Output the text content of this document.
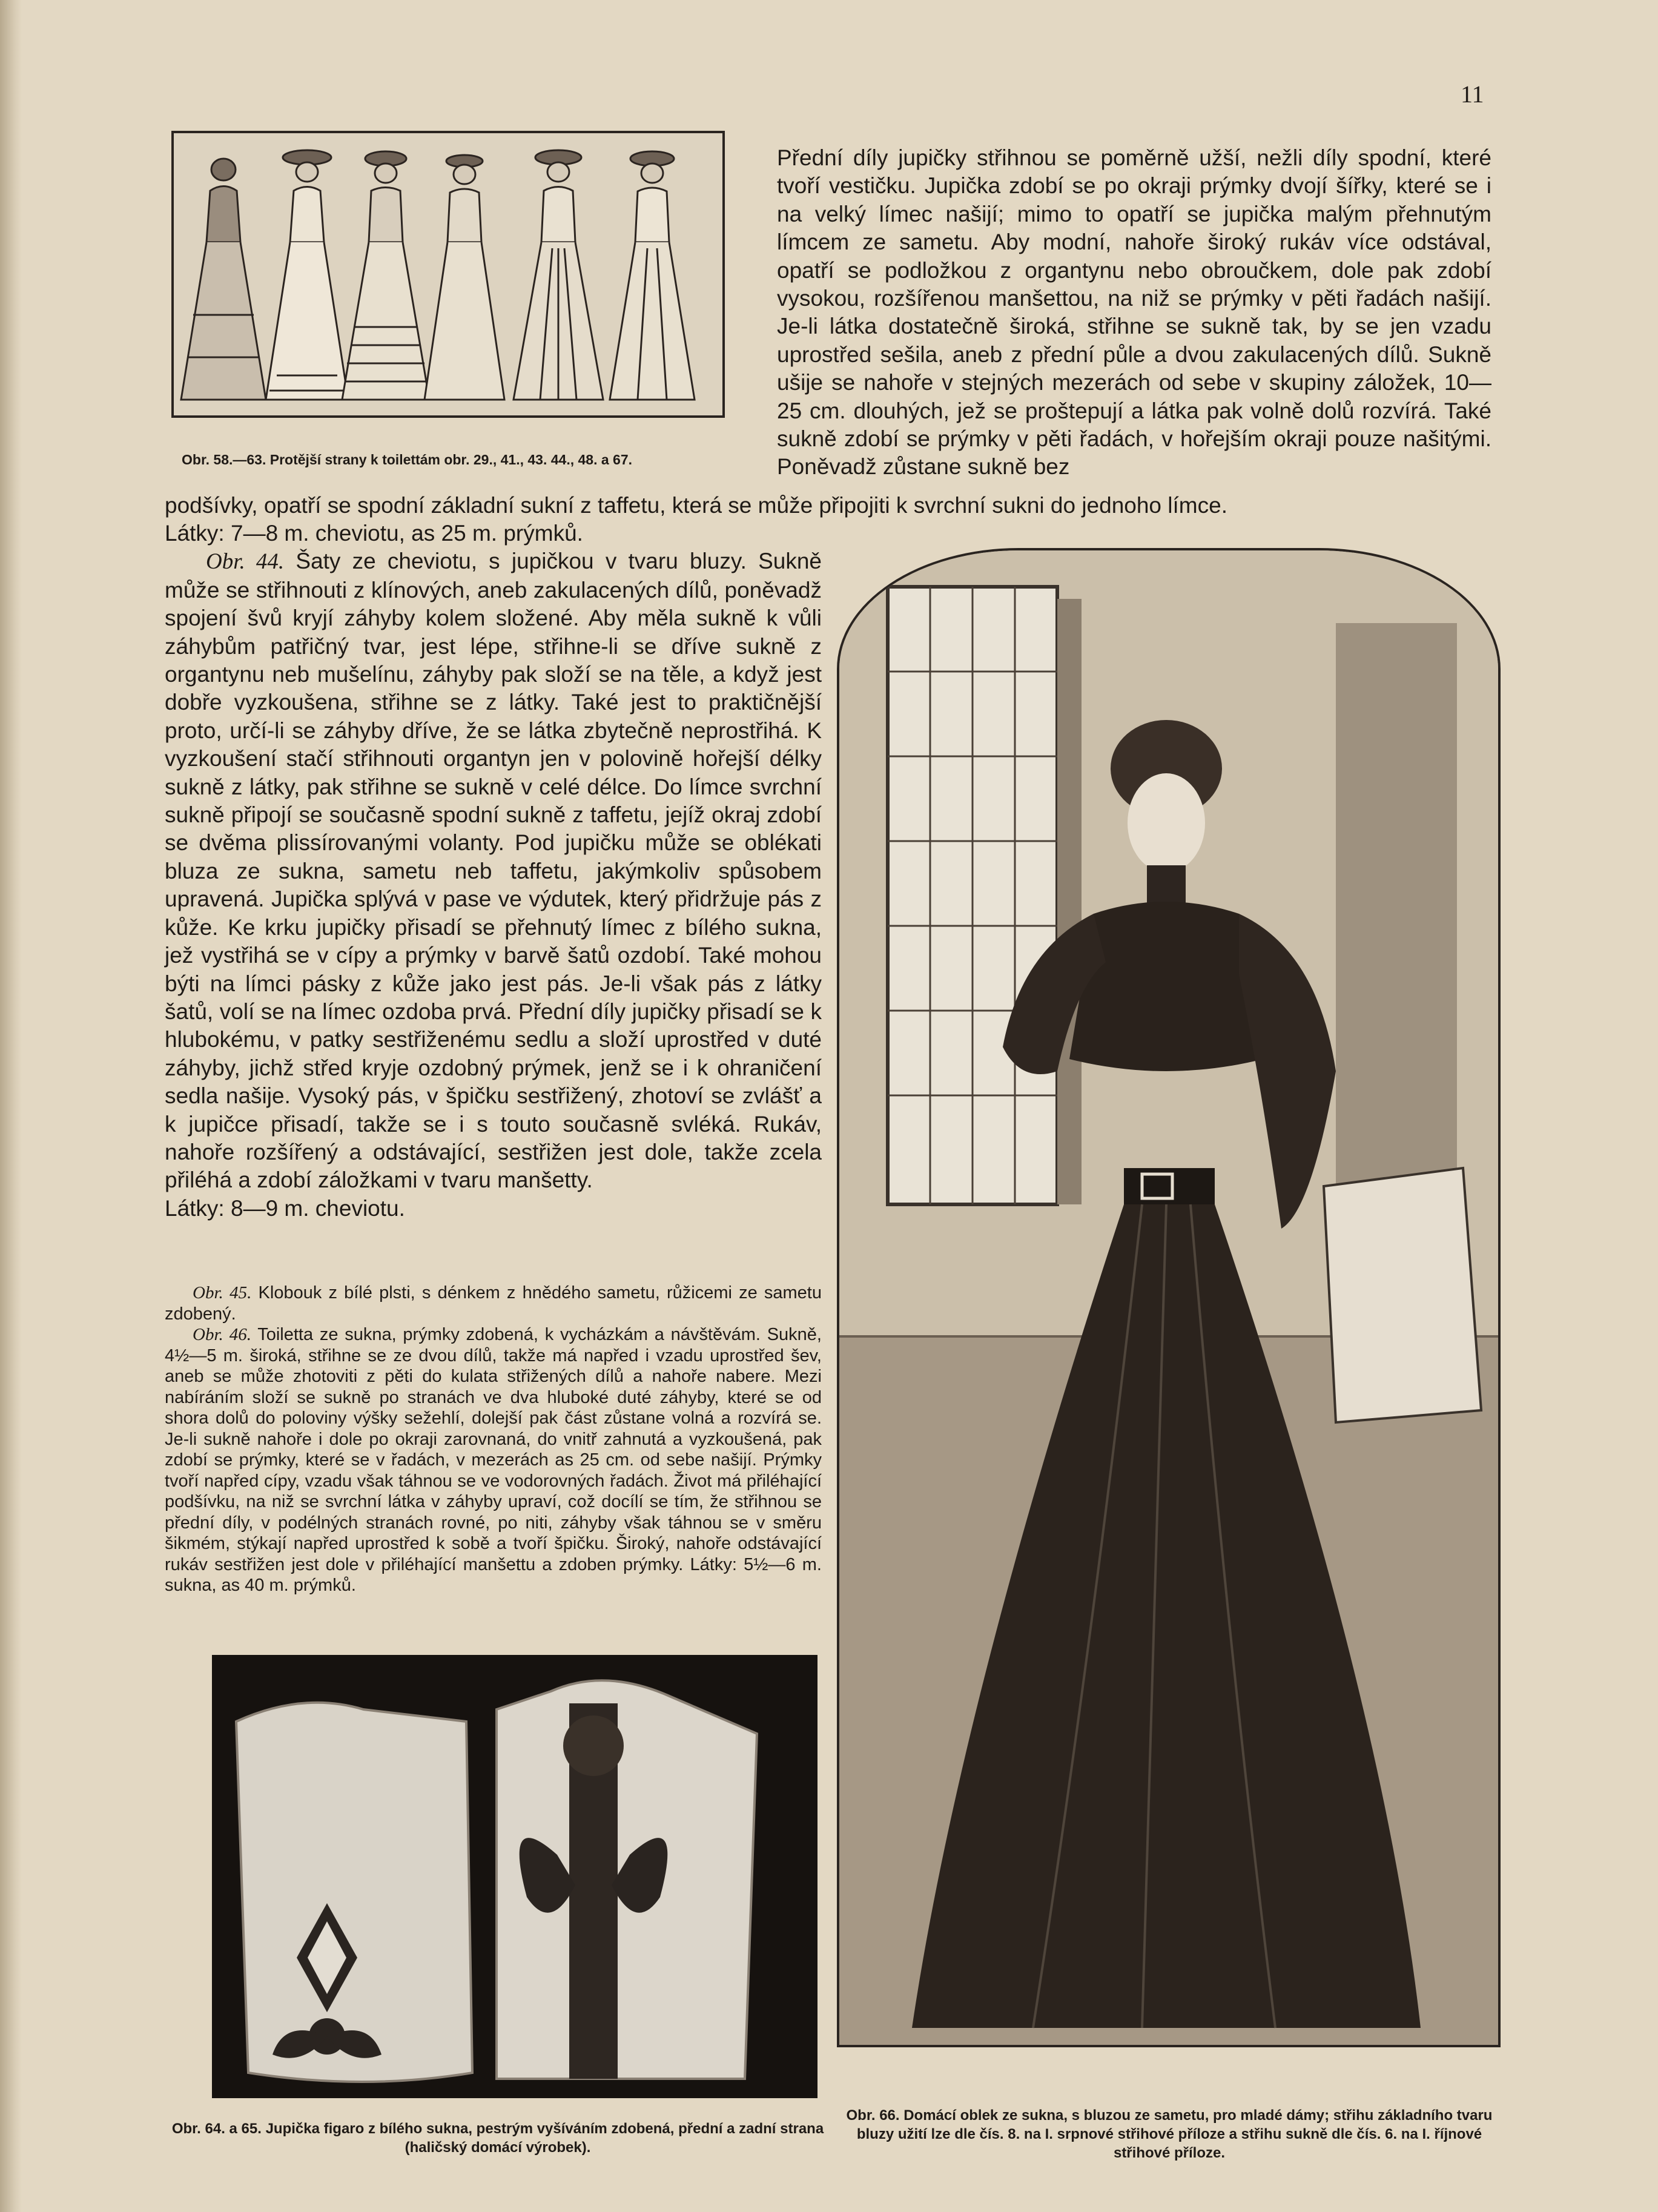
11
Obr. 58.—63. Protější strany k toilettám obr. 29., 41., 43. 44., 48. a 67.

Přední díly jupičky střihnou se poměrně užší, nežli díly spodní, které tvoří vestičku. Jupička zdobí se po okraji prýmky dvojí šířky, které se i na velký límec našijí; mimo to opatří se jupička malým přehnutým límcem ze sametu. Aby modní, nahoře široký rukáv více odstával, opatří se podložkou z organtynu nebo obroučkem, dole pak zdobí vysokou, rozšířenou manšettou, na niž se prýmky v pěti řadách našijí. Je-li látka dostatečně široká, střihne se sukně tak, by se jen vzadu uprostřed sešila, aneb z přední půle a dvou zakulacených dílů. Sukně ušije se nahoře v stejných mezerách od sebe v skupiny záložek, 10—25 cm. dlouhých, jež se proštepují a látka pak volně dolů rozvírá. Také sukně zdobí se prýmky v pěti řadách, v hořejším okraji pouze našitými. Poněvadž zůstane sukně bez

podšívky, opatří se spodní základní sukní z taffetu, která se může připojiti k svrchní sukni do jednoho límce.

Látky: 7—8 m. cheviotu, as 25 m. prýmků.

Obr. 44. Šaty ze cheviotu, s jupičkou v tvaru bluzy. Sukně může se střihnouti z klínových, aneb zakulacených dílů, poněvadž spojení švů kryjí záhyby kolem složené. Aby měla sukně k vůli záhybům patřičný tvar, jest lépe, střihne-li se dříve sukně z organtynu neb mušelínu, záhyby pak složí se na těle, a když jest dobře vyzkoušena, střihne se z látky. Také jest to praktičnější proto, určí-li se záhyby dříve, že se látka zbytečně neprostřihá. K vyzkoušení stačí střihnouti organtyn jen v polovině hořejší délky sukně z látky, pak střihne se sukně v celé délce. Do límce svrchní sukně připojí se současně spodní sukně z taffetu, jejíž okraj zdobí se dvěma plissírovanými volanty. Pod jupičku může se oblékati bluza ze sukna, sametu neb taffetu, jakýmkoliv spůsobem upravená. Jupička splývá v pase ve výdutek, který přidržuje pás z kůže. Ke krku jupičky přisadí se přehnutý límec z bílého sukna, jež vystřihá se v cípy a prýmky v barvě šatů ozdobí. Také mohou býti na límci pásky z kůže jako jest pás. Je-li však pás z látky šatů, volí se na límec ozdoba prvá. Přední díly jupičky přisadí se k hlubokému, v patky sestřiženému sedlu a složí uprostřed v duté záhyby, jichž střed kryje ozdobný prýmek, jenž se i k ohraničení sedla našije. Vysoký pás, v špičku sestřižený, zhotoví se zvlášť a k jupičce přisadí, takže se i s touto současně svléká. Rukáv, nahoře rozšířený a odstávající, sestřižen jest dole, takže zcela přiléhá a zdobí záložkami v tvaru manšetty.

Látky: 8—9 m. cheviotu.

Obr. 45. Klobouk z bílé plsti, s dénkem z hnědého sametu, růžicemi ze sametu zdobený.

Obr. 46. Toiletta ze sukna, prýmky zdobená, k vycházkám a návštěvám. Sukně, 4½—5 m. široká, střihne se ze dvou dílů, takže má napřed i vzadu uprostřed šev, aneb se může zhotoviti z pěti do kulata střižených dílů a nahoře nabere. Mezi nabíráním složí se sukně po stranách ve dva hluboké duté záhyby, které se od shora dolů do poloviny výšky sežehlí, dolejší pak část zůstane volná a rozvírá se. Je-li sukně nahoře i dole po okraji zarovnaná, do vnitř zahnutá a vyzkoušená, pak zdobí se prýmky, které se v řadách, v mezerách as 25 cm. od sebe našijí. Prýmky tvoří napřed cípy, vzadu však táhnou se ve vodorovných řadách. Život má přiléhající podšívku, na niž se svrchní látka v záhyby upraví, což docílí se tím, že střihnou se přední díly, v podélných stranách rovné, po niti, záhyby však táhnou se v směru šikmém, stýkají napřed uprostřed k sobě a tvoří špičku. Široký, nahoře odstávající rukáv sestřižen jest dole v přiléhající manšettu a zdoben prýmky. Látky: 5½—6 m. sukna, as 40 m. prýmků.

Obr. 66. Domácí oblek ze sukna, s bluzou ze sametu, pro mladé dámy; střihu základního tvaru bluzy užití lze dle čís. 8. na I. srpnové střihové příloze a střihu sukně dle čís. 6. na I. říjnové střihové příloze.
Obr. 64. a 65. Jupička figaro z bílého sukna, pestrým vyšíváním zdobená, přední a zadní strana (haličský domácí výrobek).
